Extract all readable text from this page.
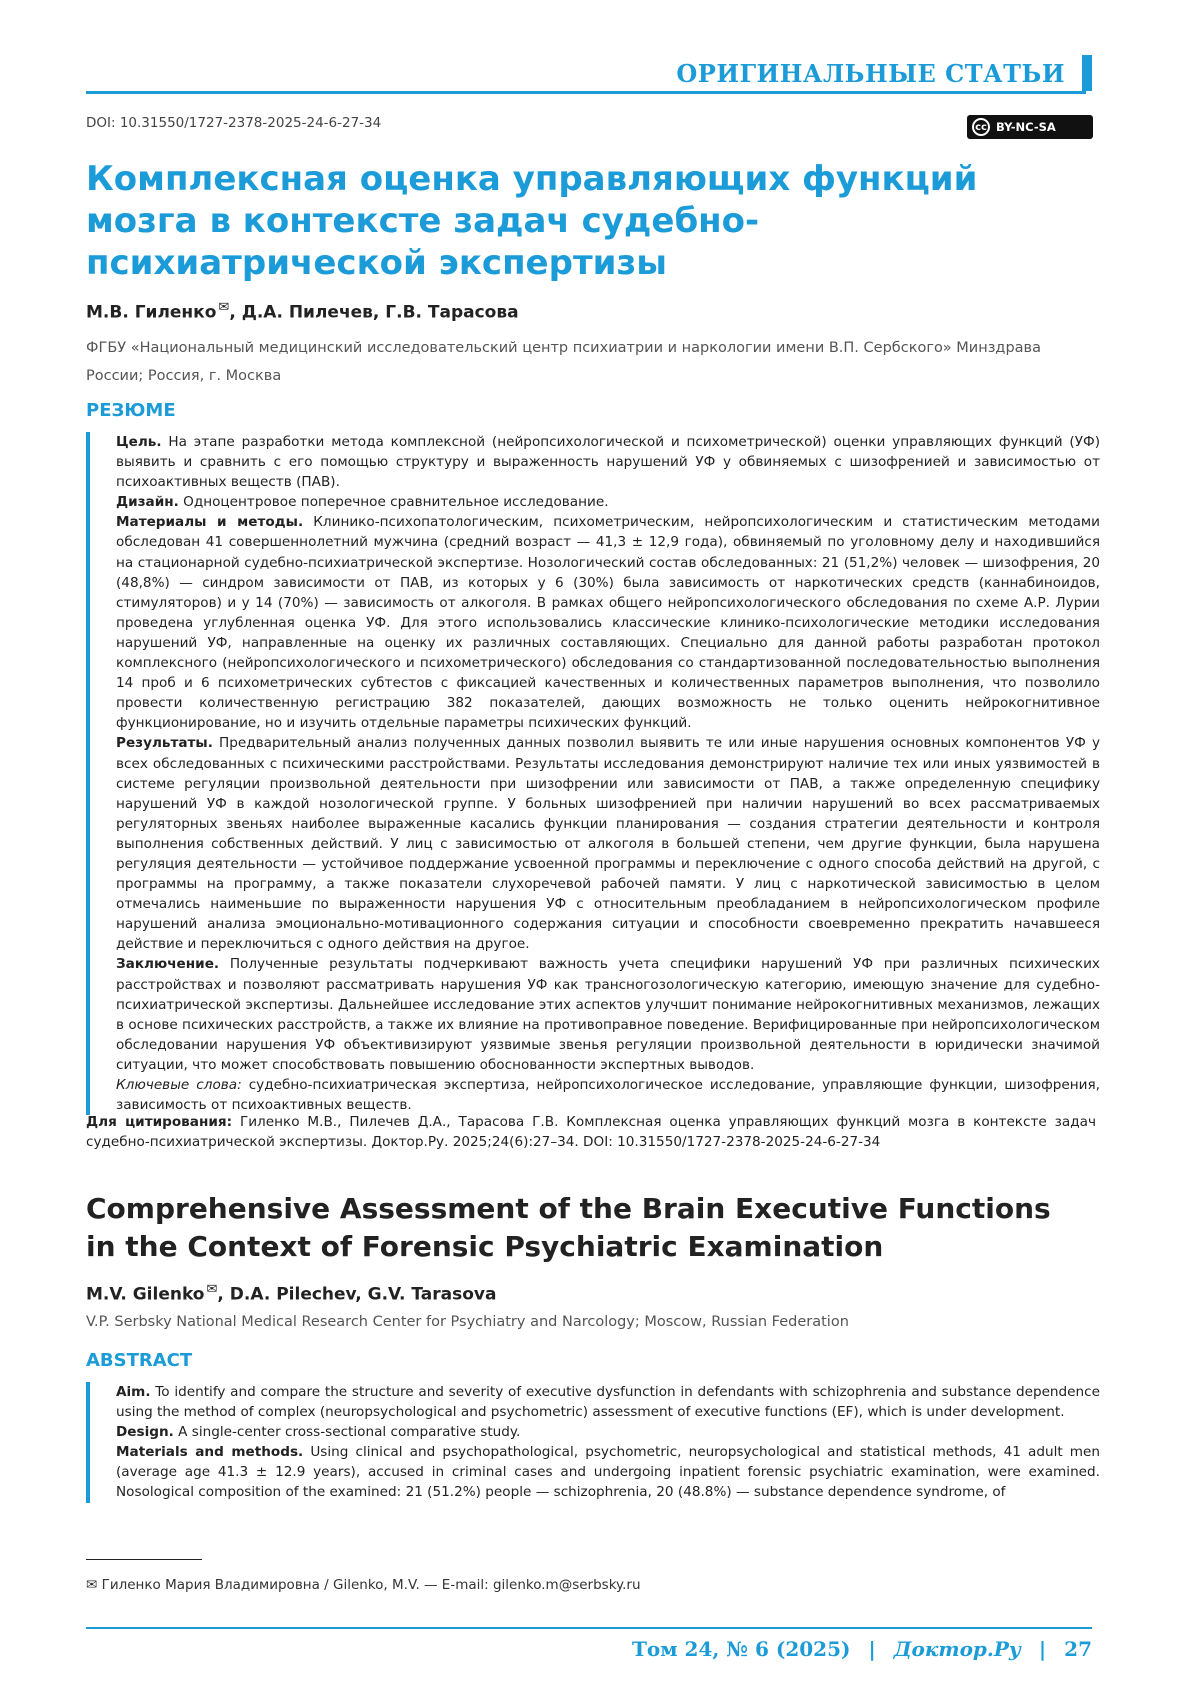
ОРИГИНАЛЬНЫЕ СТАТЬИ
DOI: 10.31550/1727-2378-2025-24-6-27-34	cc BY-NC-SA
Комплексная оценка управляющих функций мозга в контексте задач судебно-психиатрической экспертизы
М.В. Гиленко ✉, Д.А. Пилечев, Г.В. Тарасова
ФГБУ «Национальный медицинский исследовательский центр психиатрии и наркологии имени В.П. Сербского» Минздрава России; Россия, г. Москва
РЕЗЮМЕ

Цель. На этапе разработки метода комплексной (нейропсихологической и психометрической) оценки управляющих функций (УФ) выявить и сравнить с его помощью структуру и выраженность нарушений УФ у обвиняемых с шизофренией и зависимостью от психоактивных веществ (ПАВ).

Дизайн. Одноцентровое поперечное сравнительное исследование.

Материалы и методы. Клинико-психопатологическим, психометрическим, нейропсихологическим и статистическим методами обследован 41 совершеннолетний мужчина (средний возраст — 41,3 ± 12,9 года), обвиняемый по уголовному делу и находившийся на стационарной судебно-психиатрической экспертизе. Нозологический состав обследованных: 21 (51,2%) человек — шизофрения, 20 (48,8%) — синдром зависимости от ПАВ, из которых у 6 (30%) была зависимость от наркотических средств (каннабиноидов, стимуляторов) и у 14 (70%) — зависимость от алкоголя. В рамках общего нейропсихологического обследования по схеме А.Р. Лурии проведена углубленная оценка УФ. Для этого использовались классические клинико-психологические методики исследования нарушений УФ, направленные на оценку их различных составляющих. Специально для данной работы разработан протокол комплексного (нейропсихологического и психометрического) обследования со стандартизованной последовательностью выполнения 14 проб и 6 психометрических субтестов с фиксацией качественных и количественных параметров выполнения, что позволило провести количественную регистрацию 382 показателей, дающих возможность не только оценить нейрокогнитивное функционирование, но и изучить отдельные параметры психических функций.

Результаты. Предварительный анализ полученных данных позволил выявить те или иные нарушения основных компонентов УФ у всех обследованных с психическими расстройствами. Результаты исследования демонстрируют наличие тех или иных уязвимостей в системе регуляции произвольной деятельности при шизофрении или зависимости от ПАВ, а также определенную специфику нарушений УФ в каждой нозологической группе. У больных шизофренией при наличии нарушений во всех рассматриваемых регуляторных звеньях наиболее выраженные касались функции планирования — создания стратегии деятельности и контроля выполнения собственных действий. У лиц с зависимостью от алкоголя в большей степени, чем другие функции, была нарушена регуляция деятельности — устойчивое поддержание усвоенной программы и переключение с одного способа действий на другой, с программы на программу, а также показатели слухоречевой рабочей памяти. У лиц с наркотической зависимостью в целом отмечались наименьшие по выраженности нарушения УФ с относительным преобладанием в нейропсихологическом профиле нарушений анализа эмоционально-мотивационного содержания ситуации и способности своевременно прекратить начавшееся действие и переключиться с одного действия на другое.

Заключение. Полученные результаты подчеркивают важность учета специфики нарушений УФ при различных психических расстройствах и позволяют рассматривать нарушения УФ как трансногозологическую категорию, имеющую значение для судебно-психиатрической экспертизы. Дальнейшее исследование этих аспектов улучшит понимание нейрокогнитивных механизмов, лежащих в основе психических расстройств, а также их влияние на противоправное поведение. Верифицированные при нейропсихологическом обследовании нарушения УФ объективизируют уязвимые звенья регуляции произвольной деятельности в юридически значимой ситуации, что может способствовать повышению обоснованности экспертных выводов.

Ключевые слова: судебно-психиатрическая экспертиза, нейропсихологическое исследование, управляющие функции, шизофрения, зависимость от психоактивных веществ.

Для цитирования: Гиленко М.В., Пилечев Д.А., Тарасова Г.В. Комплексная оценка управляющих функций мозга в контексте задач судебно-психиатрической экспертизы. Доктор.Ру. 2025;24(6):27–34. DOI: 10.31550/1727-2378-2025-24-6-27-34

Comprehensive Assessment of the Brain Executive Functions in the Context of Forensic Psychiatric Examination
M.V. Gilenko ✉, D.A. Pilechev, G.V. Tarasova
V.P. Serbsky National Medical Research Center for Psychiatry and Narcology; Moscow, Russian Federation
ABSTRACT

Aim. To identify and compare the structure and severity of executive dysfunction in defendants with schizophrenia and substance dependence using the method of complex (neuropsychological and psychometric) assessment of executive functions (EF), which is under development.

Design. A single-center cross-sectional comparative study.

Materials and methods. Using clinical and psychopathological, psychometric, neuropsychological and statistical methods, 41 adult men (average age 41.3 ± 12.9 years), accused in criminal cases and undergoing inpatient forensic psychiatric examination, were examined. Nosological composition of the examined: 21 (51.2%) people — schizophrenia, 20 (48.8%) — substance dependence syndrome, of

✉ Гиленко Мария Владимировна / Gilenko, M.V. — E-mail: gilenko.m@serbsky.ru
Том 24, № 6 (2025) | Доктор.Ру | 27
